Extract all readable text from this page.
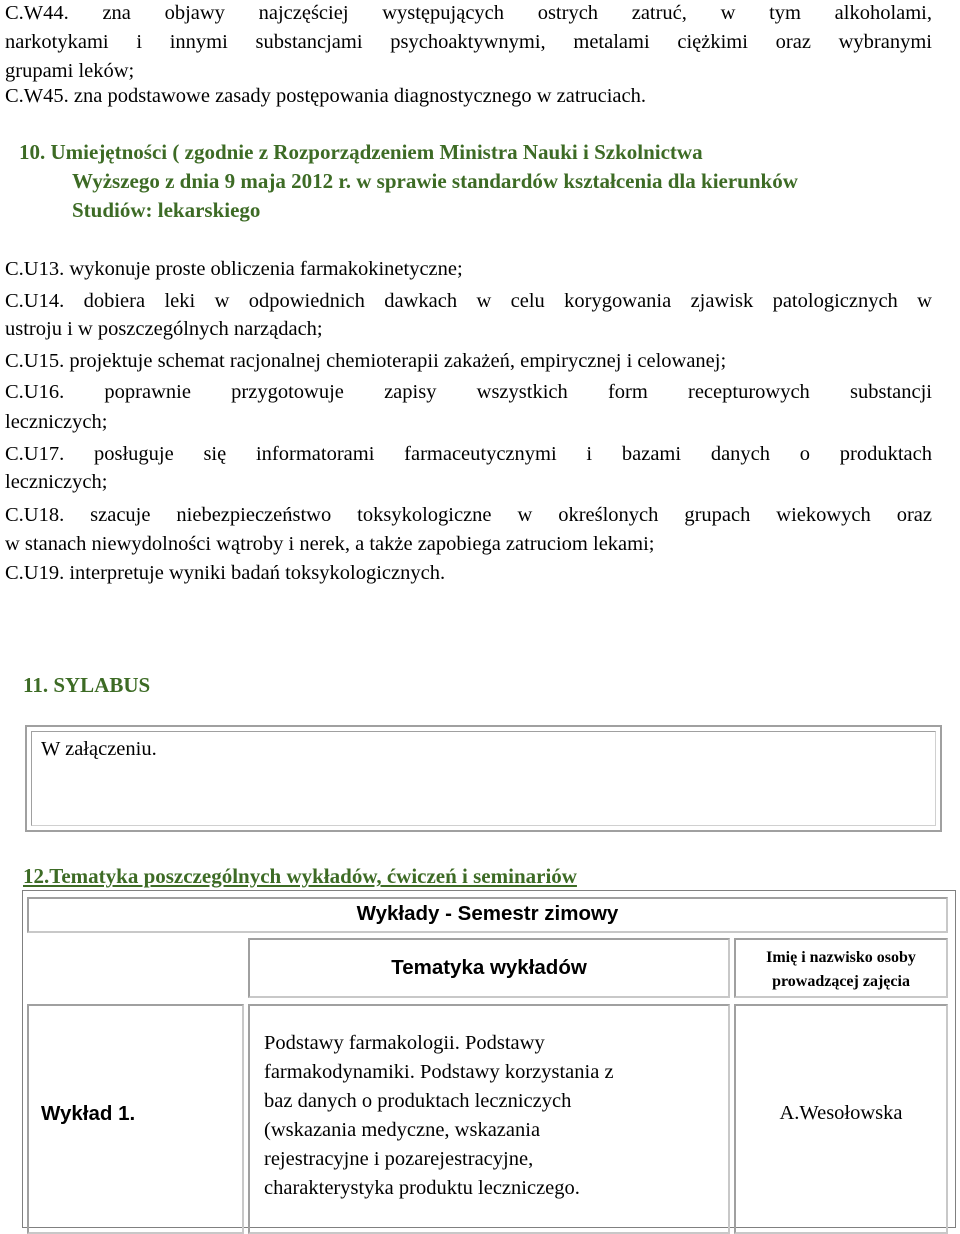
C.W44. zna objawy najczęściej występujących ostrych zatruć, w tym alkoholami,

narkotykami i innymi substancjami psychoaktywnymi, metalami ciężkimi oraz wybranymi

grupami leków;

C.W45. zna podstawowe zasady postępowania diagnostycznego w zatruciach.

10. Umiejętności ( zgodnie z Rozporządzeniem Ministra Nauki i Szkolnictwa

Wyższego z dnia 9 maja 2012 r. w sprawie standardów kształcenia dla kierunków

Studiów: lekarskiego

C.U13. wykonuje proste obliczenia farmakokinetyczne;

C.U14. dobiera leki w odpowiednich dawkach w celu korygowania zjawisk patologicznych w

ustroju i w poszczególnych narządach;

C.U15. projektuje schemat racjonalnej chemioterapii zakażeń, empirycznej i celowanej;

C.U16. poprawnie przygotowuje zapisy wszystkich form recepturowych substancji

leczniczych;

C.U17. posługuje się informatorami farmaceutycznymi i bazami danych o produktach

leczniczych;

C.U18. szacuje niebezpieczeństwo toksykologiczne w określonych grupach wiekowych oraz

w stanach niewydolności wątroby i nerek, a także zapobiega zatruciom lekami;

C.U19. interpretuje wyniki badań toksykologicznych.

11. SYLABUS

W załączeniu.

12.Tematyka poszczególnych wykładów, ćwiczeń i seminariów

Wykłady - Semestr zimowy
Tematyka wykładów	Imię i nazwisko osoby
prowadzącej zajęcia
Wykład 1.
Podstawy farmakologii. Podstawy
farmakodynamiki. Podstawy korzystania z
baz danych o produktach leczniczych
(wskazania medyczne, wskazania
rejestracyjne i pozarejestracyjne,
charakterystyka produktu leczniczego.
A.Wesołowska
